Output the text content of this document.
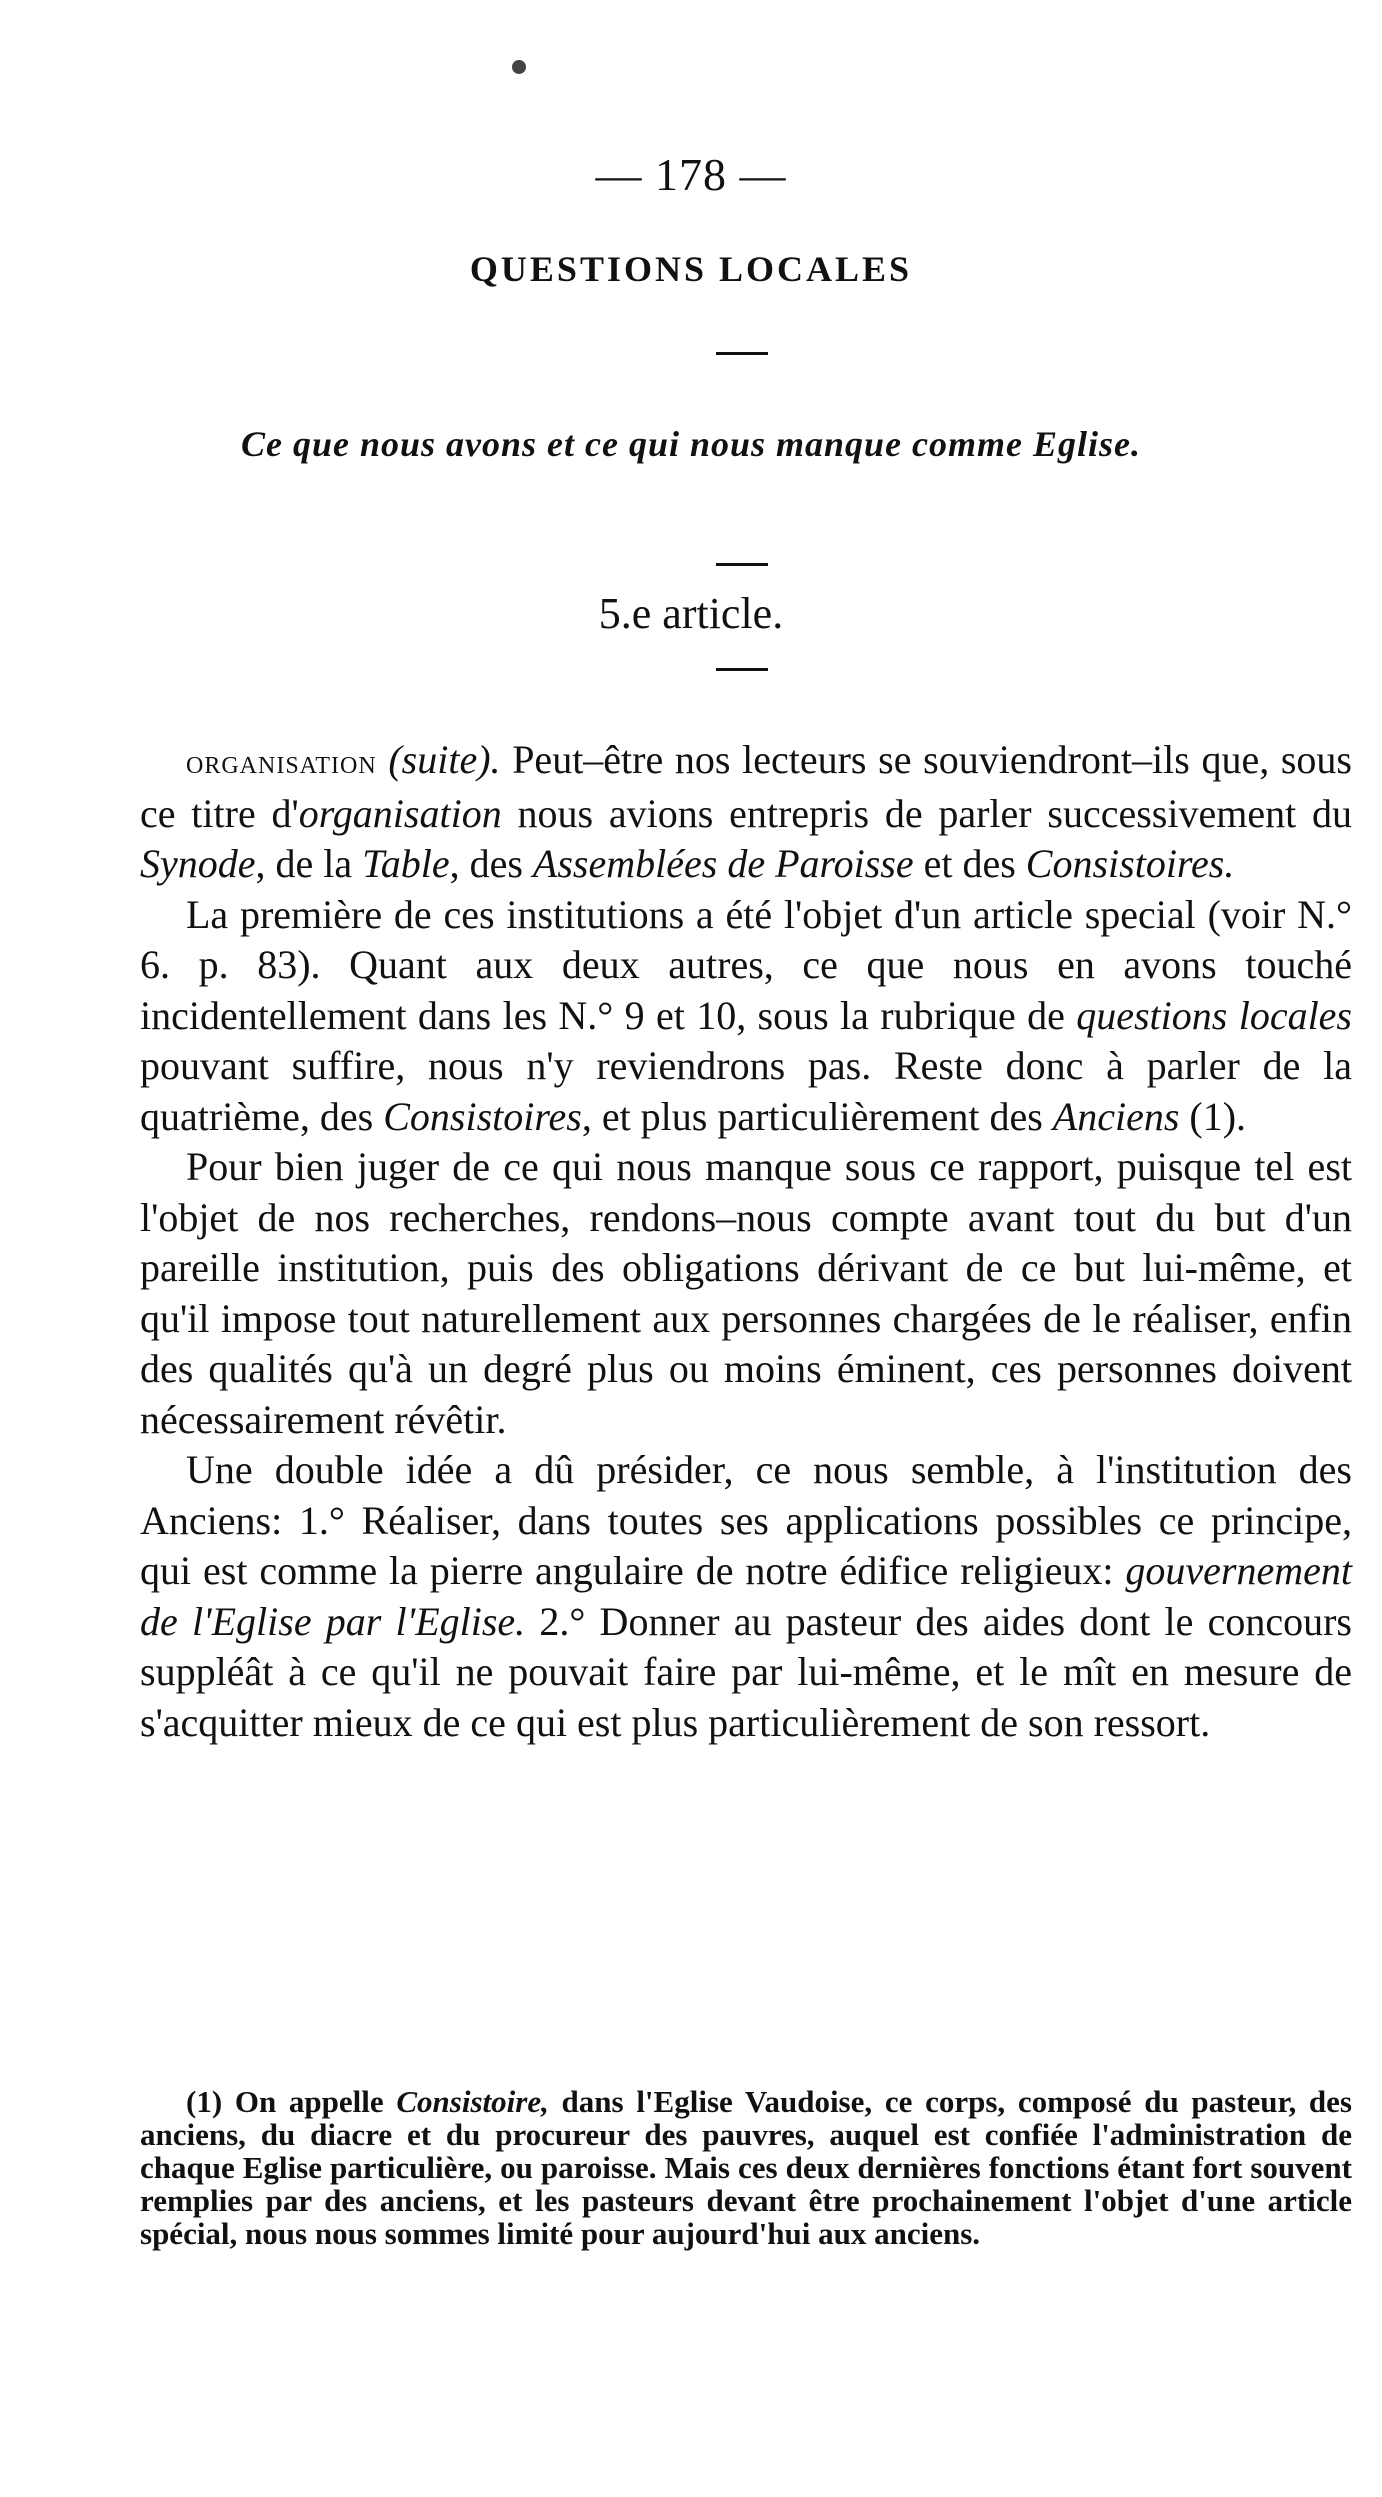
— 178 —
QUESTIONS LOCALES
Ce que nous avons et ce qui nous manque comme Eglise.
5.e article.

organisation (suite). Peut–être nos lecteurs se souviendront–ils que, sous ce titre d'organisation nous avions entrepris de parler successivement du Synode, de la Table, des Assemblées de Paroisse et des Consistoires.

La première de ces institutions a été l'objet d'un article special (voir N.° 6. p. 83). Quant aux deux autres, ce que nous en avons touché incidentellement dans les N.° 9 et 10, sous la rubrique de questions locales pouvant suffire, nous n'y reviendrons pas. Reste donc à parler de la quatrième, des Consistoires, et plus particulièrement des Anciens (1).

Pour bien juger de ce qui nous manque sous ce rapport, puisque tel est l'objet de nos recherches, rendons–nous compte avant tout du but d'un pareille institution, puis des obligations dérivant de ce but lui-même, et qu'il impose tout naturellement aux personnes chargées de le réaliser, enfin des qualités qu'à un degré plus ou moins éminent, ces personnes doivent nécessairement révêtir.

Une double idée a dû présider, ce nous semble, à l'institution des Anciens: 1.° Réaliser, dans toutes ses applications possibles ce principe, qui est comme la pierre angulaire de notre édifice religieux: gouvernement de l'Eglise par l'Eglise. 2.° Donner au pasteur des aides dont le concours suppléât à ce qu'il ne pouvait faire par lui-même, et le mît en mesure de s'acquitter mieux de ce qui est plus particulièrement de son ressort.

(1) On appelle Consistoire, dans l'Eglise Vaudoise, ce corps, composé du pasteur, des anciens, du diacre et du procureur des pauvres, auquel est confiée l'administration de chaque Eglise particulière, ou paroisse. Mais ces deux dernières fonctions étant fort souvent remplies par des anciens, et les pasteurs devant être prochainement l'objet d'une article spécial, nous nous sommes limité pour aujourd'hui aux anciens.
